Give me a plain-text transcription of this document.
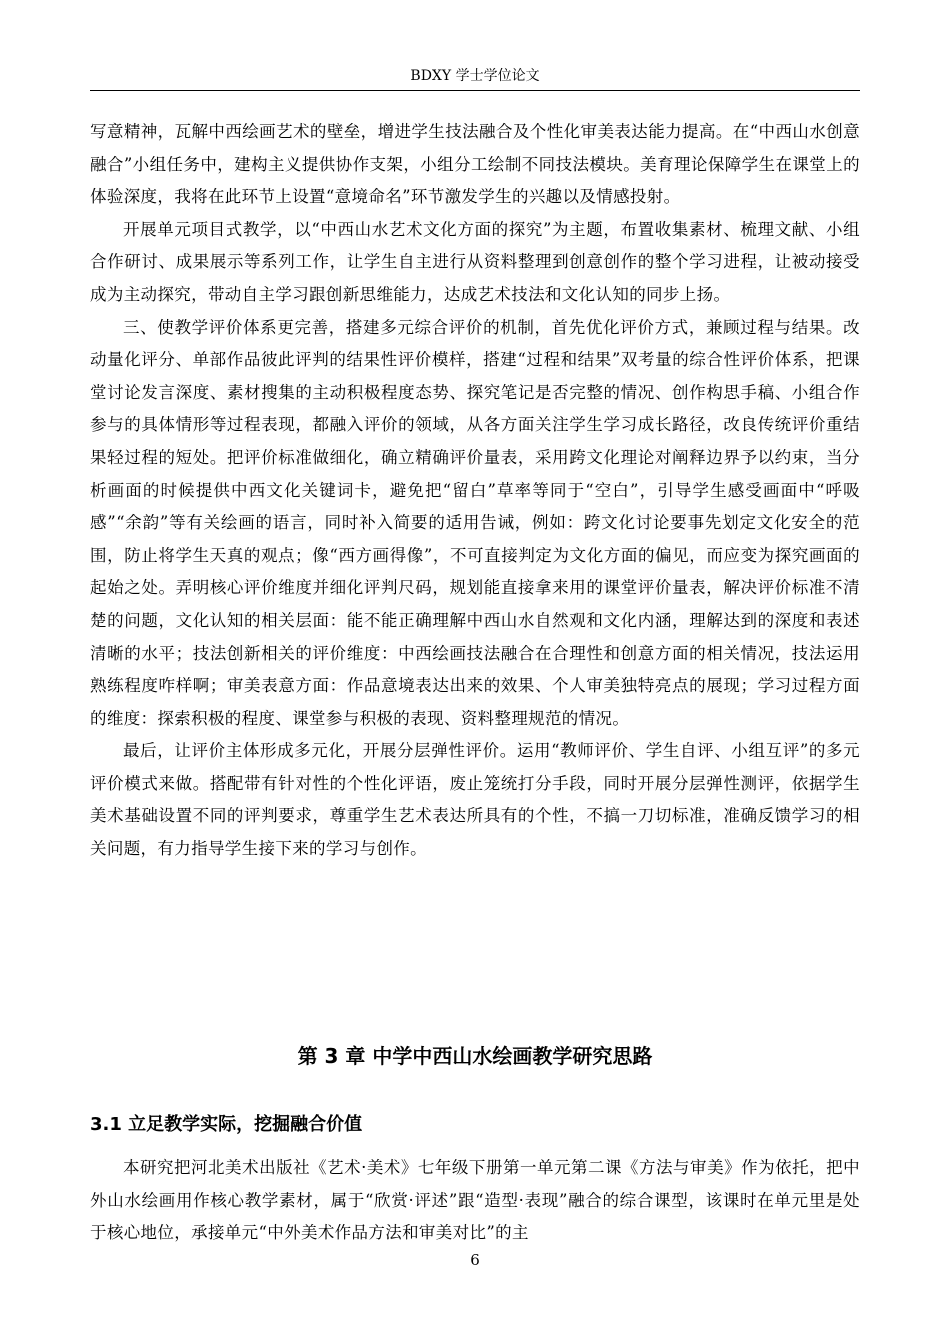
BDXY 学士学位论文

写意精神，瓦解中西绘画艺术的壁垒，增进学生技法融合及个性化审美表达能力提高。在“中西山水创意融合”小组任务中，建构主义提供协作支架，小组分工绘制不同技法模块。美育理论保障学生在课堂上的体验深度，我将在此环节上设置“意境命名”环节激发学生的兴趣以及情感投射。

开展单元项目式教学，以“中西山水艺术文化方面的探究”为主题，布置收集素材、梳理文献、小组合作研讨、成果展示等系列工作，让学生自主进行从资料整理到创意创作的整个学习进程，让被动接受成为主动探究，带动自主学习跟创新思维能力，达成艺术技法和文化认知的同步上扬。

三、使教学评价体系更完善，搭建多元综合评价的机制，首先优化评价方式，兼顾过程与结果。改动量化评分、单部作品彼此评判的结果性评价模样，搭建“过程和结果”双考量的综合性评价体系，把课堂讨论发言深度、素材搜集的主动积极程度态势、探究笔记是否完整的情况、创作构思手稿、小组合作参与的具体情形等过程表现，都融入评价的领域，从各方面关注学生学习成长路径，改良传统评价重结果轻过程的短处。把评价标准做细化，确立精确评价量表，采用跨文化理论对阐释边界予以约束，当分析画面的时候提供中西文化关键词卡，避免把“留白”草率等同于“空白”，引导学生感受画面中“呼吸感”“余韵”等有关绘画的语言，同时补入简要的适用告诫，例如：跨文化讨论要事先划定文化安全的范围，防止将学生天真的观点；像“西方画得像”，不可直接判定为文化方面的偏见，而应变为探究画面的起始之处。弄明核心评价维度并细化评判尺码，规划能直接拿来用的课堂评价量表，解决评价标准不清楚的问题，文化认知的相关层面：能不能正确理解中西山水自然观和文化内涵，理解达到的深度和表述清晰的水平；技法创新相关的评价维度：中西绘画技法融合在合理性和创意方面的相关情况，技法运用熟练程度咋样啊；审美表意方面：作品意境表达出来的效果、个人审美独特亮点的展现；学习过程方面的维度：探索积极的程度、课堂参与积极的表现、资料整理规范的情况。

最后，让评价主体形成多元化，开展分层弹性评价。运用“教师评价、学生自评、小组互评”的多元评价模式来做。搭配带有针对性的个性化评语，废止笼统打分手段，同时开展分层弹性测评，依据学生美术基础设置不同的评判要求，尊重学生艺术表达所具有的个性，不搞一刀切标准，准确反馈学习的相关问题，有力指导学生接下来的学习与创作。

第 3 章 中学中西山水绘画教学研究思路
3.1 立足教学实际，挖掘融合价值

本研究把河北美术出版社《艺术·美术》七年级下册第一单元第二课《方法与审美》作为依托，把中外山水绘画用作核心教学素材，属于“欣赏·评述”跟“造型·表现”融合的综合课型，该课时在单元里是处于核心地位，承接单元“中外美术作品方法和审美对比”的主

6
